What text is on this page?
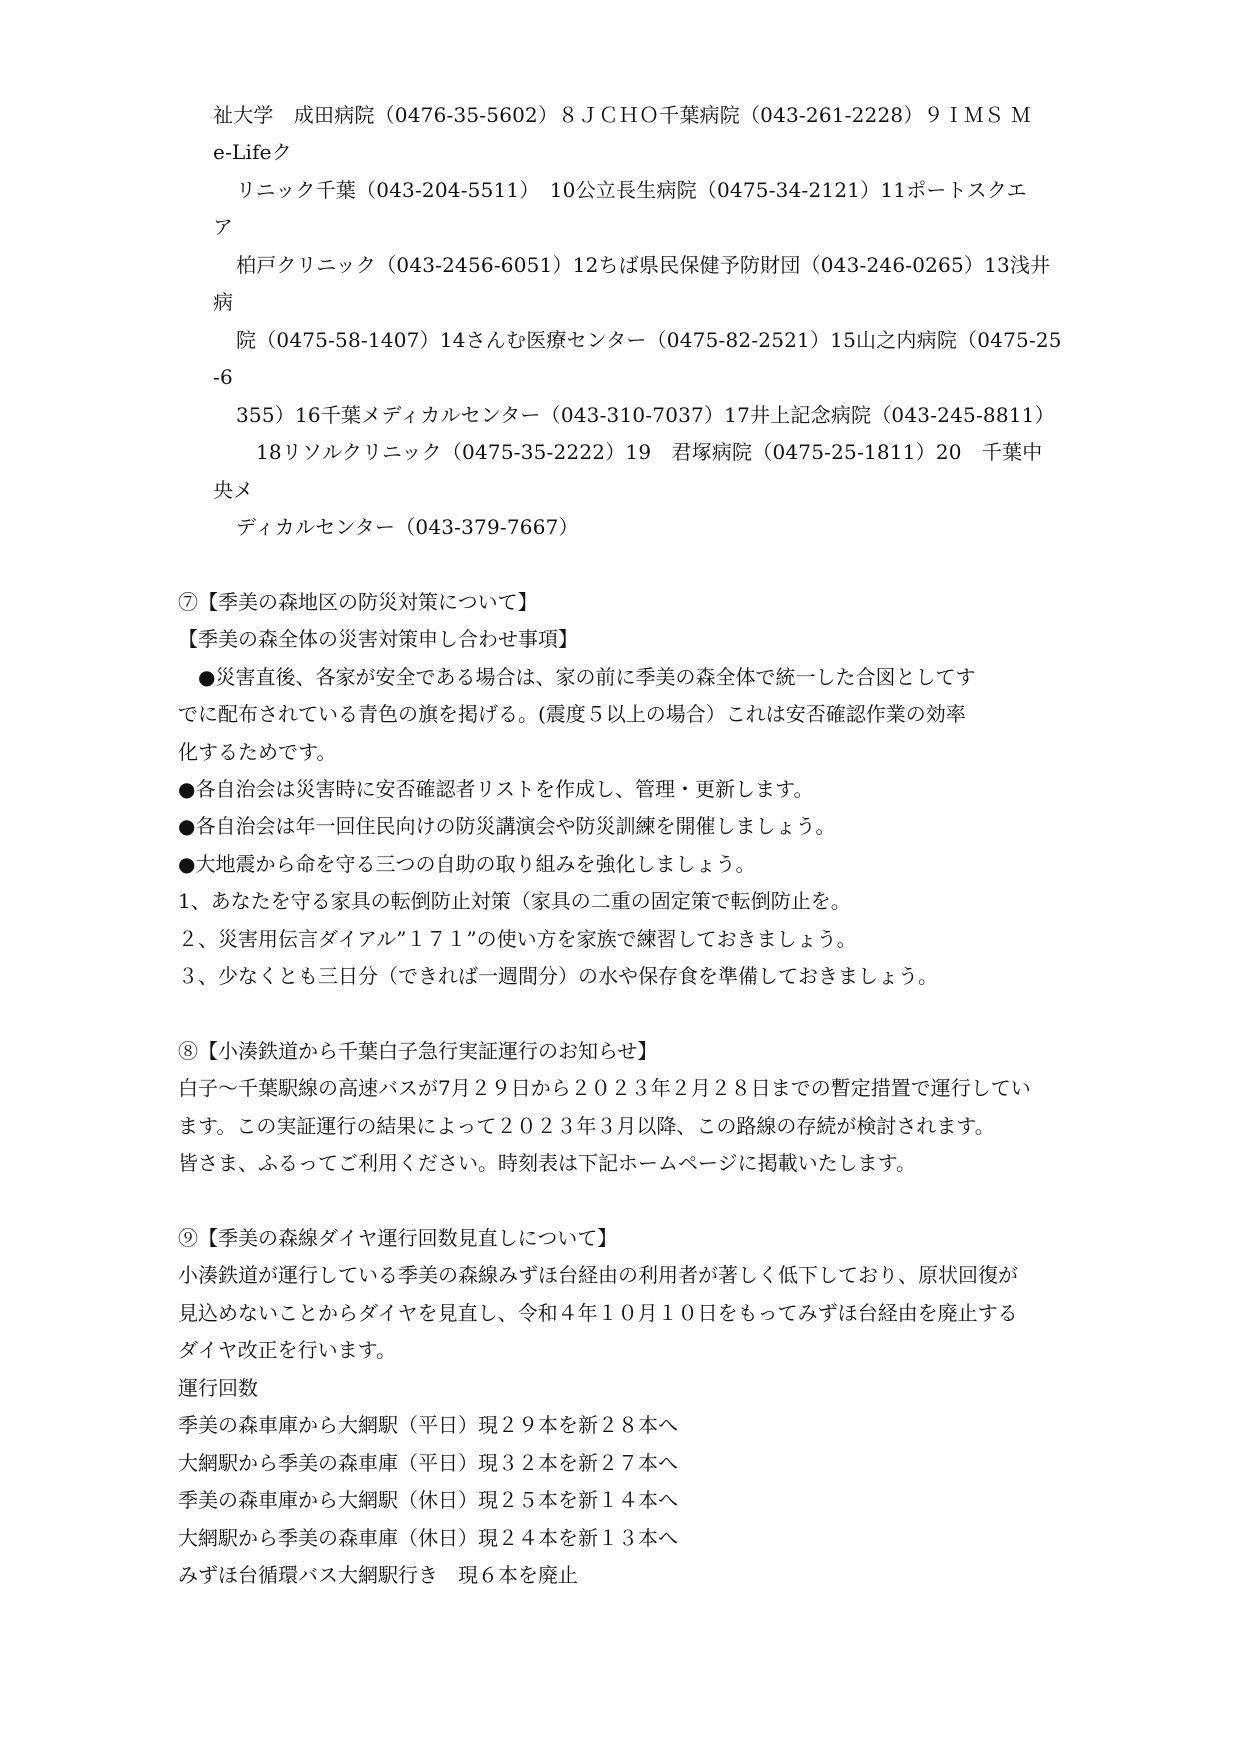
祉大学　成田病院（0476-35-5602）８ＪＣＨＯ千葉病院（043-261-2228）９ＩＭＳ Ｍ
e-Lifeク
リニック千葉（043-204-5511）　10公立長生病院（0475-34-2121）11ポートスクエ
ア
柏戸クリニック（043-2456-6051）12ちば県民保健予防財団（043-246-0265）13浅井
病
院（0475-58-1407）14さんむ医療センター（0475-82-2521）15山之内病院（0475-25
-6
355）16千葉メディカルセンター（043-310-7037）17井上記念病院（043-245-8811）
18リソルクリニック（0475-35-2222）19　君塚病院（0475-25-1811）20　千葉中
央メ
ディカルセンター（043-379-7667）
⑦【季美の森地区の防災対策について】
【季美の森全体の災害対策申し合わせ事項】
　●災害直後、各家が安全である場合は、家の前に季美の森全体で統一した合図としてす
でに配布されている青色の旗を掲げる。(震度５以上の場合）これは安否確認作業の効率
化するためです。
●各自治会は災害時に安否確認者リストを作成し、管理・更新します。
●各自治会は年一回住民向けの防災講演会や防災訓練を開催しましょう。
●大地震から命を守る三つの自助の取り組みを強化しましょう。
1、あなたを守る家具の転倒防止対策（家具の二重の固定策で転倒防止を。
２、災害用伝言ダイアル”１７１”の使い方を家族で練習しておきましょう。
３、少なくとも三日分（できれば一週間分）の水や保存食を準備しておきましょう。
⑧【小湊鉄道から千葉白子急行実証運行のお知らせ】
白子～千葉駅線の高速バスが7月２９日から２０２３年２月２８日までの暫定措置で運行してい
ます。この実証運行の結果によって２０２３年３月以降、この路線の存続が検討されます。
皆さま、ふるってご利用ください。時刻表は下記ホームページに掲載いたします。
⑨【季美の森線ダイヤ運行回数見直しについて】
小湊鉄道が運行している季美の森線みずほ台経由の利用者が著しく低下しており、原状回復が
見込めないことからダイヤを見直し、令和４年１０月１０日をもってみずほ台経由を廃止する
ダイヤ改正を行います。
運行回数
季美の森車庫から大網駅（平日）現２９本を新２８本へ
大網駅から季美の森車庫（平日）現３２本を新２７本へ
季美の森車庫から大網駅（休日）現２５本を新１４本へ
大網駅から季美の森車庫（休日）現２４本を新１３本へ
みずほ台循環バス大網駅行き　現６本を廃止
